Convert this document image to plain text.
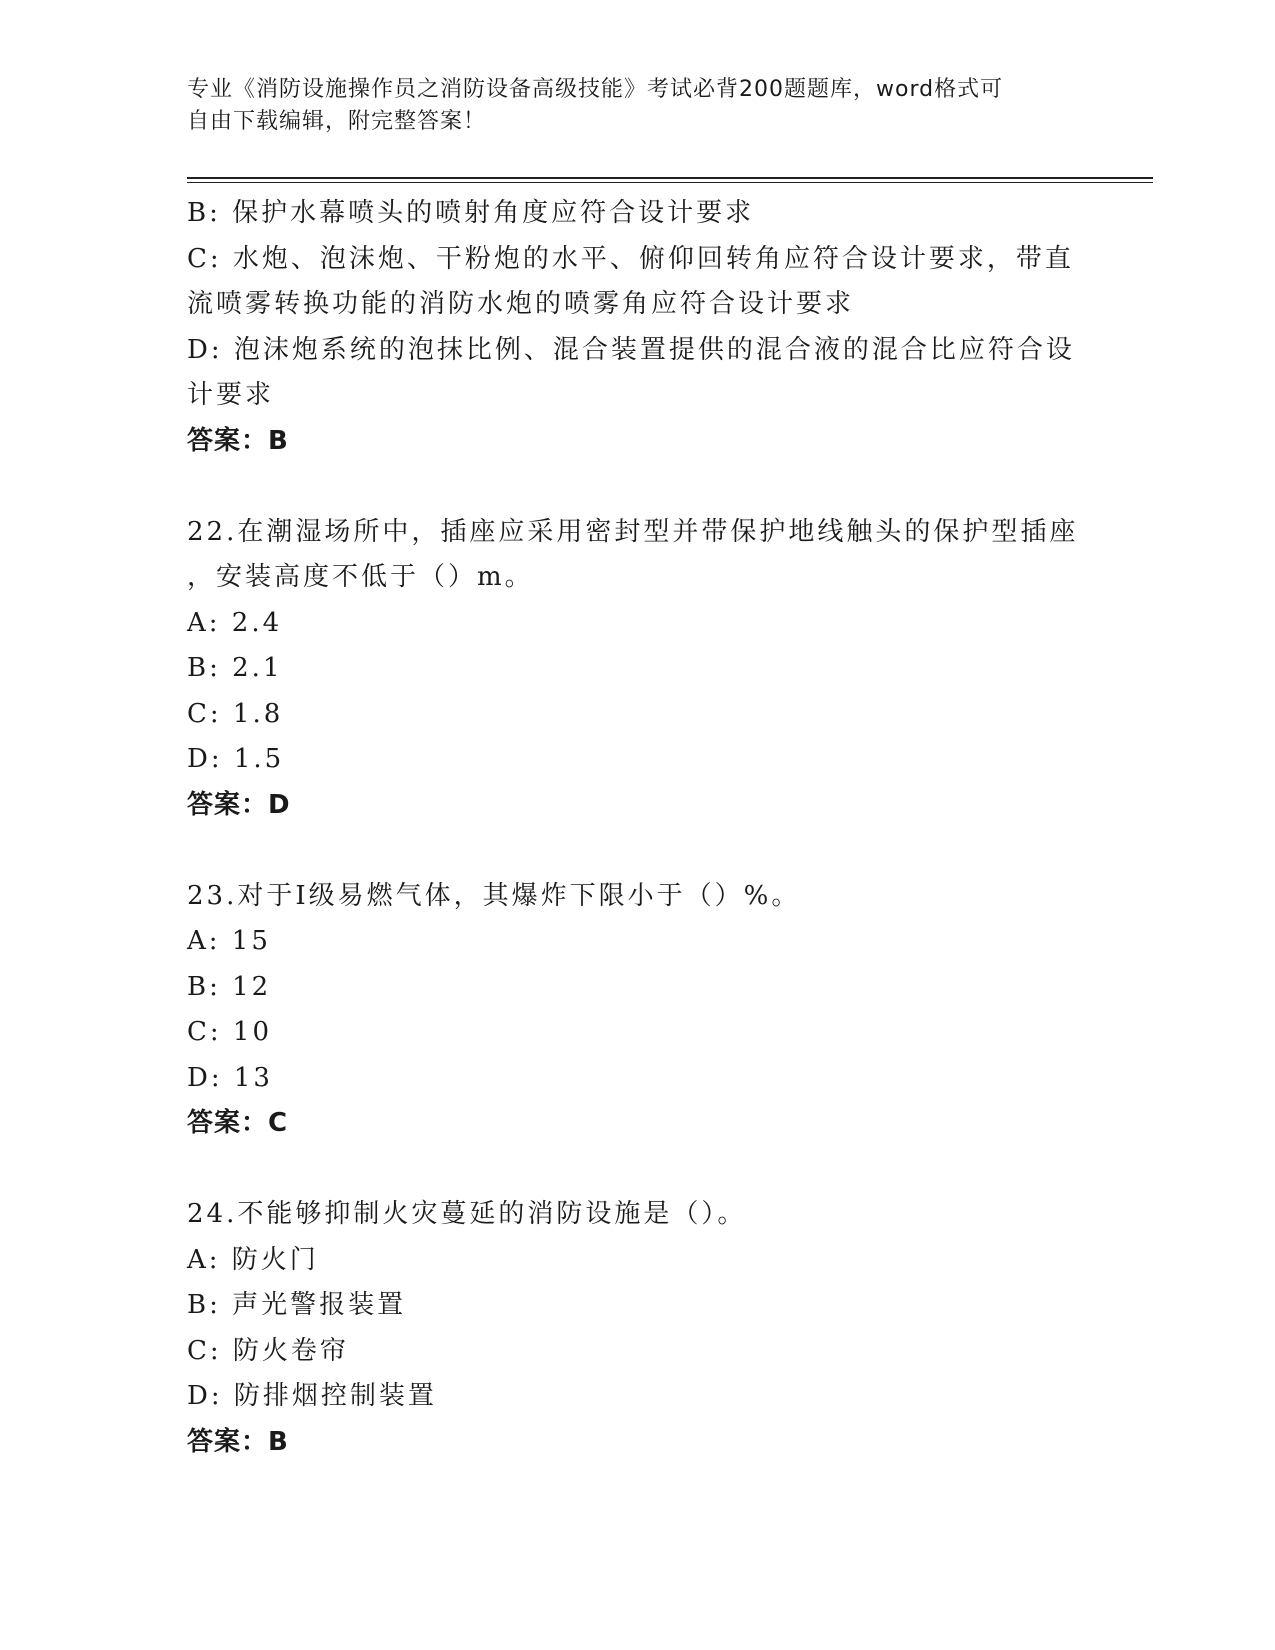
专业《消防设施操作员之消防设备高级技能》考试必背200题题库，word格式可
自由下载编辑，附完整答案！
B: 保护水幕喷头的喷射角度应符合设计要求
C: 水炮、泡沫炮、干粉炮的水平、俯仰回转角应符合设计要求，带直
流喷雾转换功能的消防水炮的喷雾角应符合设计要求
D: 泡沫炮系统的泡抹比例、混合装置提供的混合液的混合比应符合设
计要求
答案：B
22.在潮湿场所中，插座应采用密封型并带保护地线触头的保护型插座
，安装高度不低于（）m。
A: 2.4
B: 2.1
C: 1.8
D: 1.5
答案：D
23.对于Ⅰ级易燃气体，其爆炸下限小于（）%。
A: 15
B: 12
C: 10
D: 13
答案：C
24.不能够抑制火灾蔓延的消防设施是（）。
A: 防火门
B: 声光警报装置
C: 防火卷帘
D: 防排烟控制装置
答案：B
